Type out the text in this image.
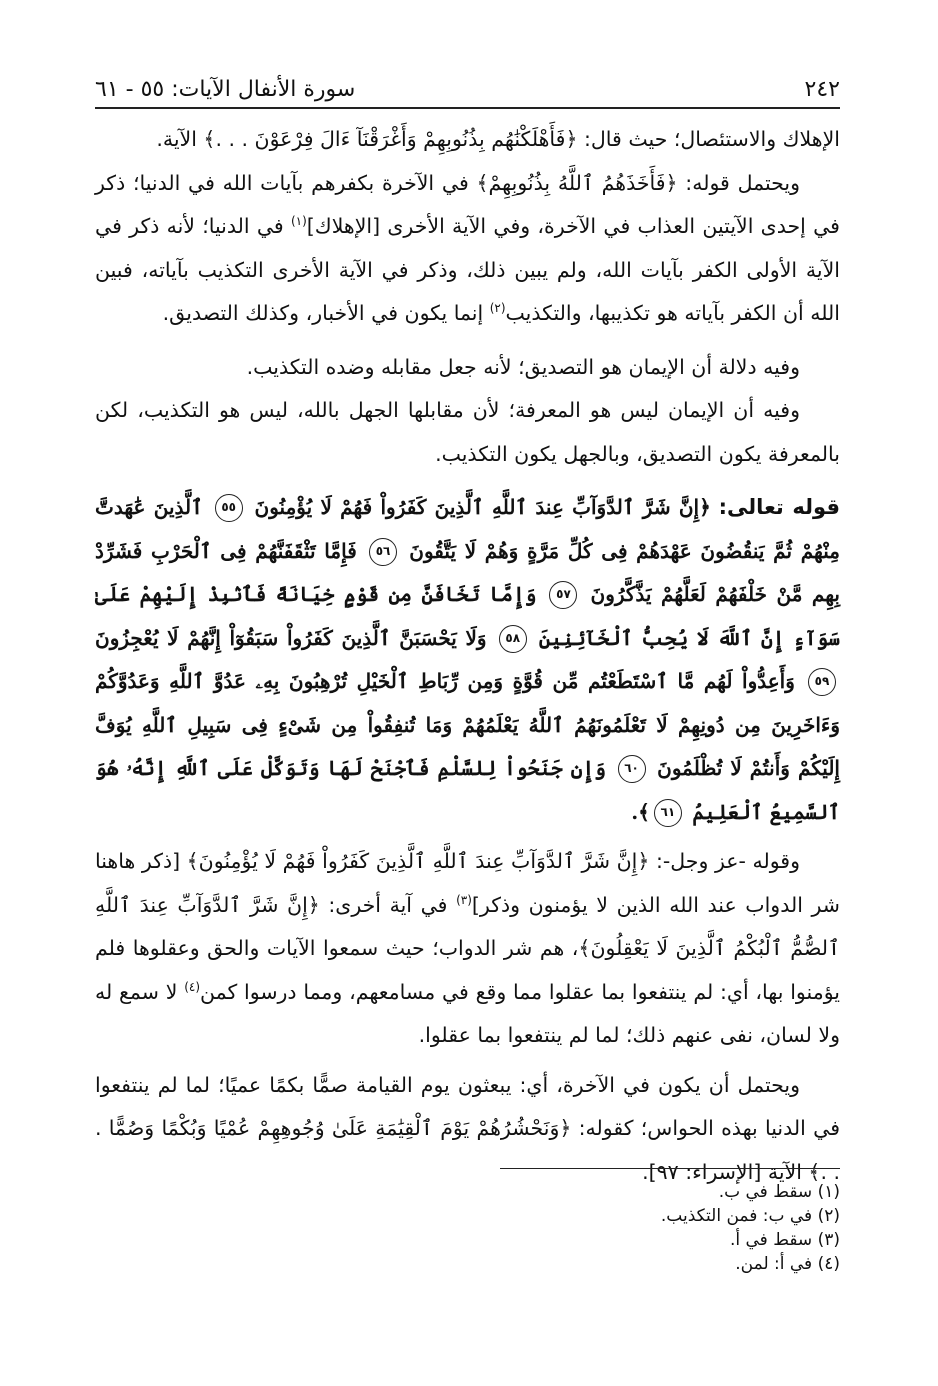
٢٤٢
سورة الأنفال الآيات: ٥٥ - ٦١

الإهلاك والاستئصال؛ حيث قال: ﴿فَأَهْلَكْنَٰهُم بِذُنُوبِهِمْ وَأَغْرَقْنَآ ءَالَ فِرْعَوْنَ . . .﴾ الآية.

ويحتمل قوله: ﴿فَأَخَذَهُمُ ٱللَّهُ بِذُنُوبِهِمْ﴾ في الآخرة بكفرهم بآيات الله في الدنيا؛ ذكر في إحدى الآيتين العذاب في الآخرة، وفي الآية الأخرى [الإهلاك]$^{(١)}$ في الدنيا؛ لأنه ذكر في الآية الأولى الكفر بآيات الله، ولم يبين ذلك، وذكر في الآية الأخرى التكذيب بآياته، فبين الله أن الكفر بآياته هو تكذيبها، والتكذيب$^{(٢)}$ إنما يكون في الأخبار، وكذلك التصديق.

وفيه دلالة أن الإيمان هو التصديق؛ لأنه جعل مقابله وضده التكذيب.

وفيه أن الإيمان ليس هو المعرفة؛ لأن مقابلها الجهل بالله، ليس هو التكذيب، لكن بالمعرفة يكون التصديق، وبالجهل يكون التكذيب.

قوله تعالى: ﴿إِنَّ شَرَّ ٱلدَّوَآبِّ عِندَ ٱللَّهِ ٱلَّذِينَ كَفَرُواْ فَهُمْ لَا يُؤْمِنُونَ ٥٥ ٱلَّذِينَ عَٰهَدتَّ مِنْهُمْ ثُمَّ يَنقُضُونَ عَهْدَهُمْ فِى كُلِّ مَرَّةٍ وَهُمْ لَا يَتَّقُونَ ٥٦ فَإِمَّا تَثْقَفَنَّهُمْ فِى ٱلْحَرْبِ فَشَرِّدْ بِهِم مَّنْ خَلْفَهُمْ لَعَلَّهُمْ يَذَّكَّرُونَ ٥٧ وَإِمَّا تَخَافَنَّ مِن قَوْمٍ خِيَانَةً فَٱنۢبِذْ إِلَيْهِمْ عَلَىٰ سَوَآءٍ إِنَّ ٱللَّهَ لَا يُحِبُّ ٱلْخَآئِنِينَ ٥٨ وَلَا يَحْسَبَنَّ ٱلَّذِينَ كَفَرُواْ سَبَقُوٓاْ إِنَّهُمْ لَا يُعْجِزُونَ ٥٩ وَأَعِدُّواْ لَهُم مَّا ٱسْتَطَعْتُم مِّن قُوَّةٍ وَمِن رِّبَاطِ ٱلْخَيْلِ تُرْهِبُونَ بِهِۦ عَدُوَّ ٱللَّهِ وَعَدُوَّكُمْ وَءَاخَرِينَ مِن دُونِهِمْ لَا تَعْلَمُونَهُمُ ٱللَّهُ يَعْلَمُهُمْ وَمَا تُنفِقُواْ مِن شَىْءٍ فِى سَبِيلِ ٱللَّهِ يُوَفَّ إِلَيْكُمْ وَأَنتُمْ لَا تُظْلَمُونَ ٦٠ وَإِن جَنَحُواْ لِلسَّلْمِ فَٱجْنَحْ لَهَا وَتَوَكَّلْ عَلَى ٱللَّهِ إِنَّهُۥ هُوَ ٱلسَّمِيعُ ٱلْعَلِيمُ ٦١﴾.

وقوله -عز وجل-: ﴿إِنَّ شَرَّ ٱلدَّوَآبِّ عِندَ ٱللَّهِ ٱلَّذِينَ كَفَرُواْ فَهُمْ لَا يُؤْمِنُونَ﴾ [ذكر هاهنا شر الدواب عند الله الذين لا يؤمنون وذكر]$^{(٣)}$ في آية أخرى: ﴿إِنَّ شَرَّ ٱلدَّوَآبِّ عِندَ ٱللَّهِ ٱلصُّمُّ ٱلْبُكْمُ ٱلَّذِينَ لَا يَعْقِلُونَ﴾، هم شر الدواب؛ حيث سمعوا الآيات والحق وعقلوها فلم يؤمنوا بها، أي: لم ينتفعوا بما عقلوا مما وقع في مسامعهم، ومما درسوا كمن$^{(٤)}$ لا سمع له ولا لسان، نفى عنهم ذلك؛ لما لم ينتفعوا بما عقلوا.

ويحتمل أن يكون في الآخرة، أي: يبعثون يوم القيامة صمًّا بكمًا عميًا؛ لما لم ينتفعوا في الدنيا بهذه الحواس؛ كقوله: ﴿وَنَحْشُرُهُمْ يَوْمَ ٱلْقِيَٰمَةِ عَلَىٰ وُجُوهِهِمْ عُمْيًا وَبُكْمًا وَصُمًّا . . .﴾ الآية [الإسراء: ٩٧].

(١) سقط في ب.
(٢) في ب: فمن التكذيب.
(٣) سقط في أ.
(٤) في أ: لمن.
